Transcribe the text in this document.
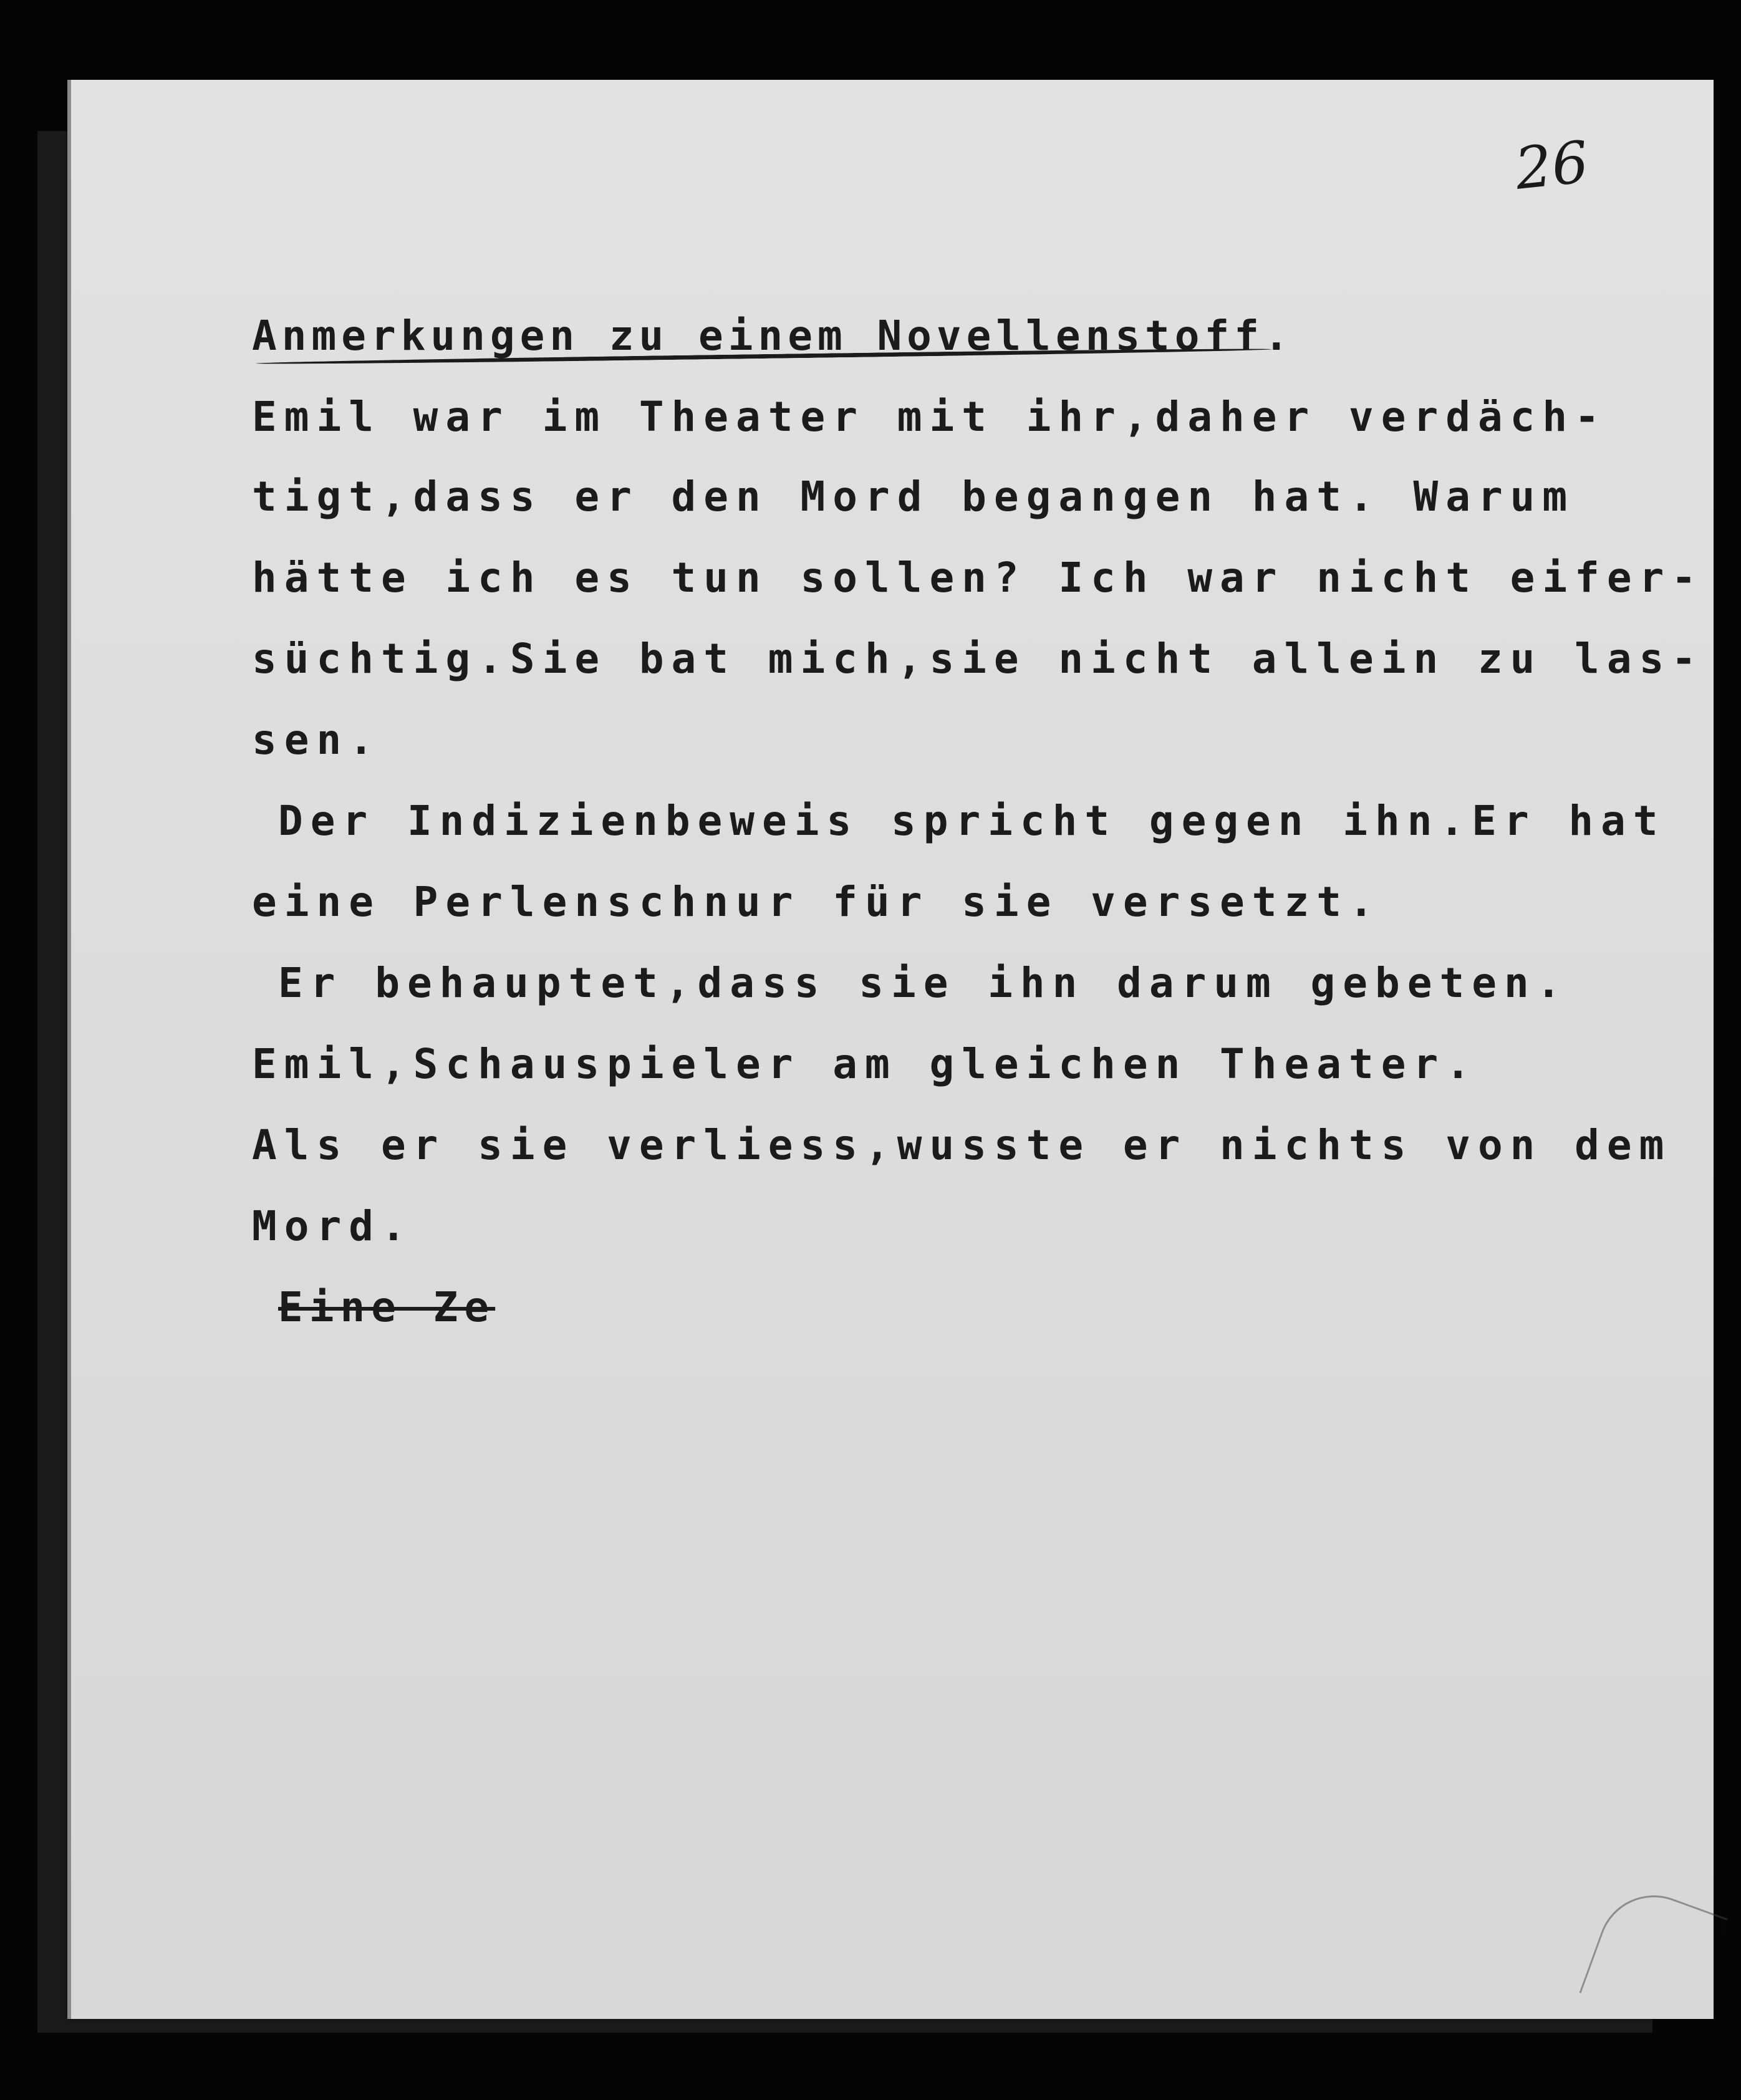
26
Anmerkungen zu einem Novellenstoff.
Emil war im Theater mit ihr,daher verdäch-
tigt,dass er den Mord begangen hat. Warum
hätte ich es tun sollen? Ich war nicht eifer-
süchtig.Sie bat mich,sie nicht allein zu las-
sen.
Der Indizienbeweis spricht gegen ihn.Er hat
eine Perlenschnur für sie versetzt.
Er behauptet,dass sie ihn darum gebeten.
Emil,Schauspieler am gleichen Theater.
Als er sie verliess,wusste er nichts von dem
Mord.
Eine Ze
